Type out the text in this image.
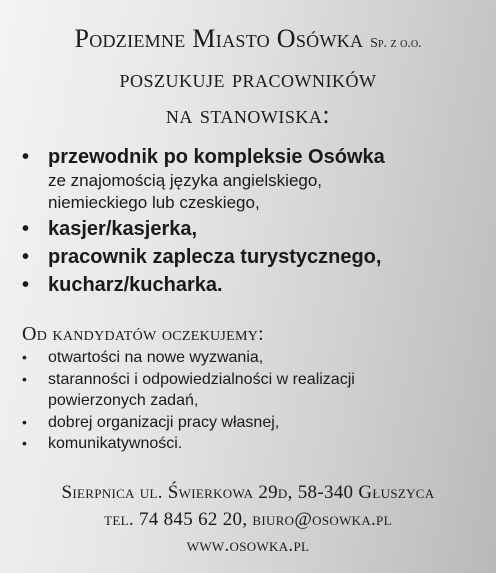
Podziemne Miasto Osówka Sp. z o.o.
poszukuje pracowników
na stanowiska:
• przewodnik po kompleksie Osówka
ze znajomością języka angielskiego,
niemieckiego lub czeskiego,
• kasjer/kasjerka,
• pracownik zaplecza turystycznego,
• kucharz/kucharka.
Od kandydatów oczekujemy:
• otwartości na nowe wyzwania,
• staranności i odpowiedzialności w realizacji
powierzonych zadań,
• dobrej organizacji pracy własnej,
• komunikatywności.
Sierpnica ul. Świerkowa 29d, 58-340 Głuszyca
tel. 74 845 62 20, biuro@osowka.pl
www.osowka.pl
